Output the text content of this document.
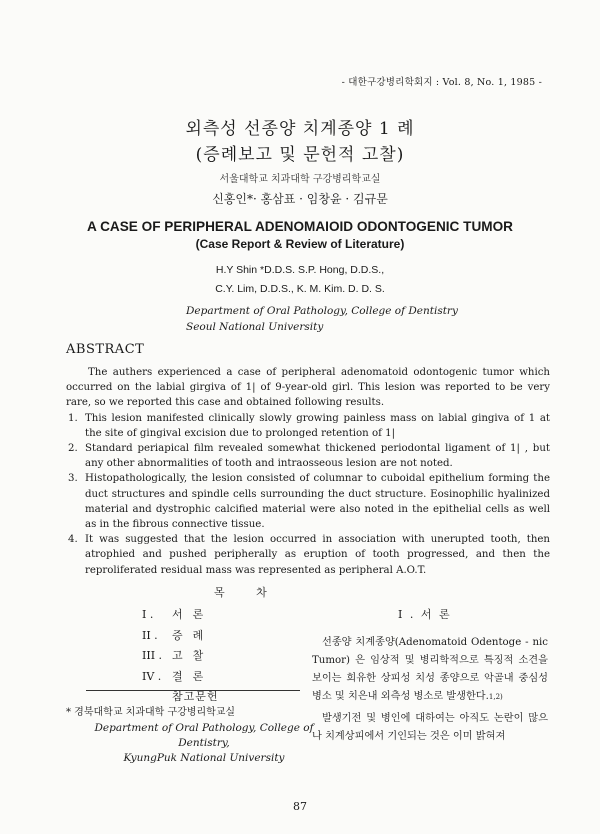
- 대한구강병리학회지 : Vol. 8, No. 1, 1985 -
외측성 선종양 치계종양 1 례
(증례보고 및 문헌적 고찰)
서울대학교 치과대학 구강병리학교실
신홍인*· 홍삼표 · 임창윤 · 김규문
A CASE OF PERIPHERAL ADENOMAIOID ODONTOGENIC TUMOR
(Case Report & Review of Literature)
H.Y Shin *D.D.S. S.P. Hong, D.D.S.,
C.Y. Lim, D.D.S., K. M. Kim. D. D. S.
Department of Oral Pathology, College of Dentistry
Seoul National University
ABSTRACT

The authers experienced a case of peripheral adenomatoid odontogenic tumor which occurred on the labial girgiva of 1| of 9-year-old girl. This lesion was reported to be very rare, so we reported this case and obtained following results.

1. This lesion manifested clinically slowly growing painless mass on labial gingiva of 1 at the site of gingival excision due to prolonged retention of 1|
2. Standard periapical film revealed somewhat thickened periodontal ligament of 1| , but any other abnormalities of tooth and intraosseous lesion are not noted.
3. Histopathologically, the lesion consisted of columnar to cuboidal epithelium forming the duct structures and spindle cells surrounding the duct structure. Eosinophilic hyalinized material and dystrophic calcified material were also noted in the epithelial cells as well as in the fibrous connective tissue.
4. It was suggested that the lesion occurred in association with unerupted tooth, then atrophied and pushed peripherally as eruption of tooth progressed, and then the reproliferated residual mass was represented as peripheral A.O.T.
목 차
I . 서론
II . 증례
III . 고찰
IV . 결론
참고문헌
* 경북대학교 치과대학 구강병리학교실
Department of Oral Pathology, College of Dentistry,
KyungPuk National University
I . 서 론

선종양 치계종양(Adenomatoid Odentoge - nic Tumor) 은 임상적 및 병리학적으로 특징적 소견을 보이는 희유한 상피성 치성 종양으로 악골내 중심성 병소 및 치은내 외측성 병소로 발생한다.$^{1,2)}$

발생기전 및 병인에 대하여는 아직도 논란이 많으나 치계상피에서 기인되는 것은 이미 밝혀져

87
